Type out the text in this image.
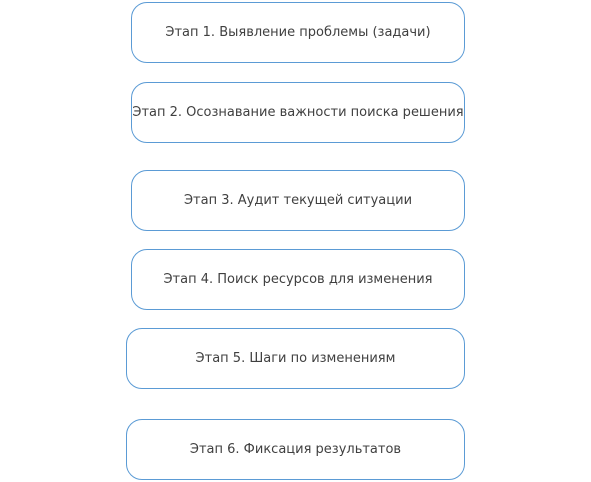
Этап 1. Выявление проблемы (задачи)
Этап 2. Осознавание важности поиска решения
Этап 3. Аудит текущей ситуации
Этап 4. Поиск ресурсов для изменения
Этап 5. Шаги по изменениям
Этап 6. Фиксация результатов
